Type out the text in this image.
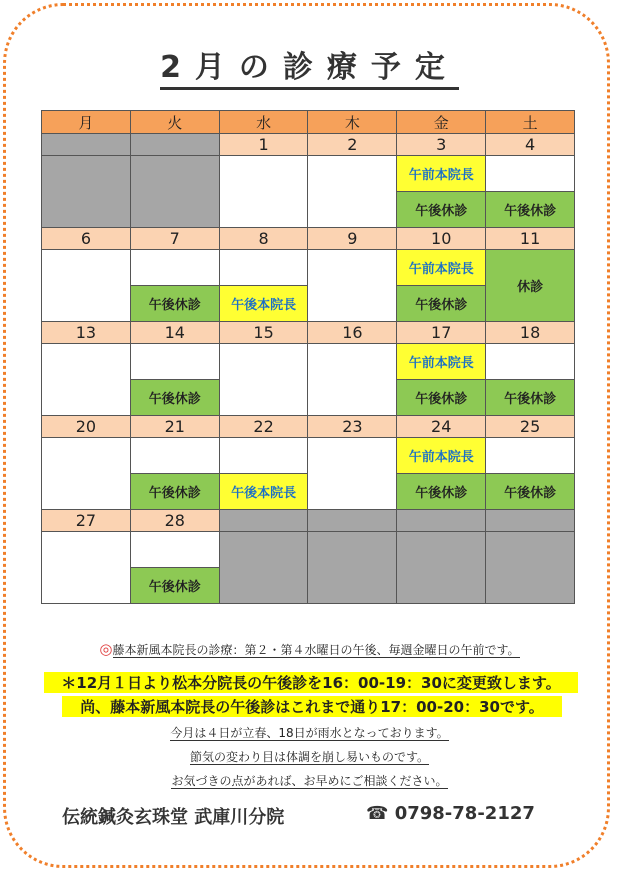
2月の診療予定
月	火	水	木	金	土
		1	2	3	4
				午前本院長	
				午後休診	午後休診
6	7	8	9	10	11
				午前本院長	休診
	午後休診	午後本院長		午後休診	
13	14	15	16	17	18
				午前本院長	
	午後休診			午後休診	午後休診
20	21	22	23	24	25
				午前本院長	
	午後休診	午後本院長		午後休診	午後休診
27	28				

	午後休診				
◎藤本新風本院長の診療：第２・第４水曜日の午後、毎週金曜日の午前です。
＊12月１日より松本分院長の午後診を16：00-19：30に変更致します。
尚、藤本新風本院長の午後診はこれまで通り17：00-20：30です。
今月は４日が立春、18日が雨水となっております。
節気の変わり目は体調を崩し易いものです。
お気づきの点があれば、お早めにご相談ください。
伝統鍼灸玄珠堂 武庫川分院	☎ 0798-78-2127
